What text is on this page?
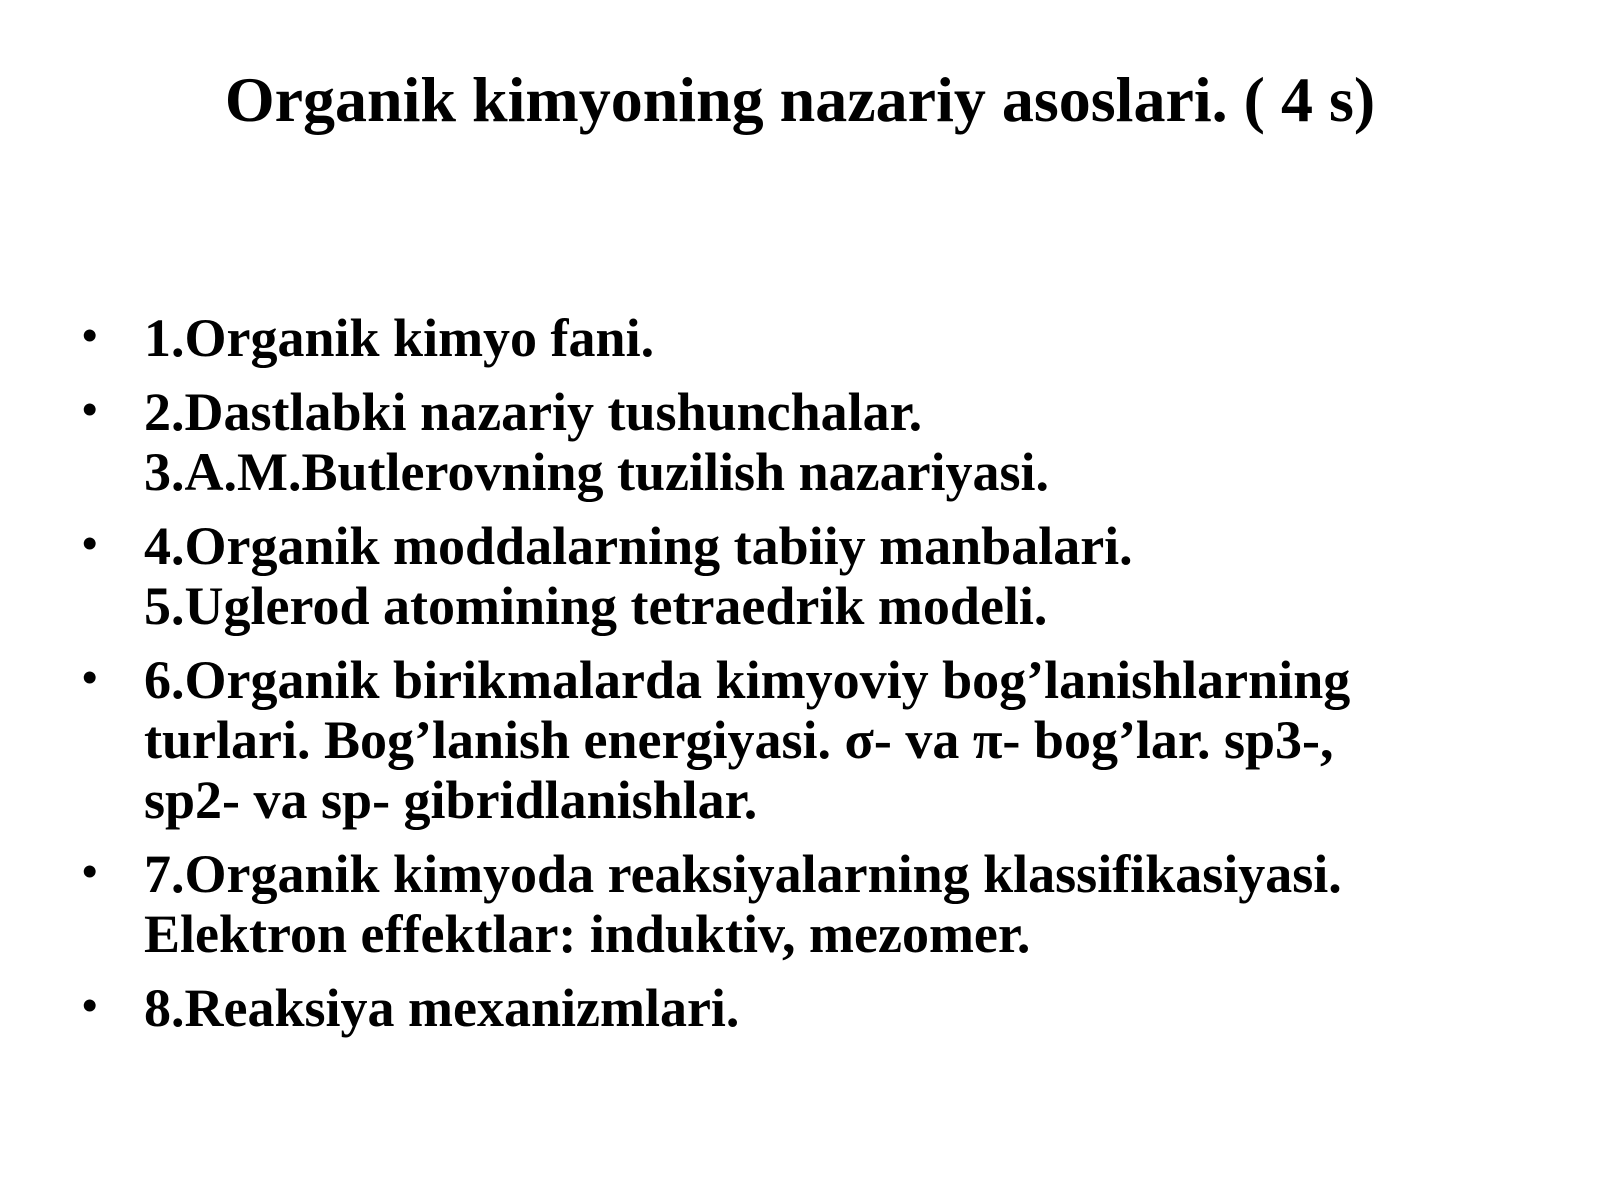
Organik kimyoning nazariy asoslari. ( 4 s)
• 1.Organik kimyo fani.
• 2.Dastlabki nazariy tushunchalar.
3.A.M.Butlerovning tuzilish nazariyasi.
• 4.Organik moddalarning tabiiy manbalari.
5.Uglerod atomining tetraedrik modeli.
• 6.Organik birikmalarda kimyoviy bog’lanishlarning
turlari. Bog’lanish energiyasi. σ- va π- bog’lar. sp3-,
sp2- va sp- gibridlanishlar.
• 7.Organik kimyoda reaksiyalarning klassifikasiyasi.
Elektron effektlar: induktiv, mezomer.
• 8.Reaksiya mexanizmlari.
